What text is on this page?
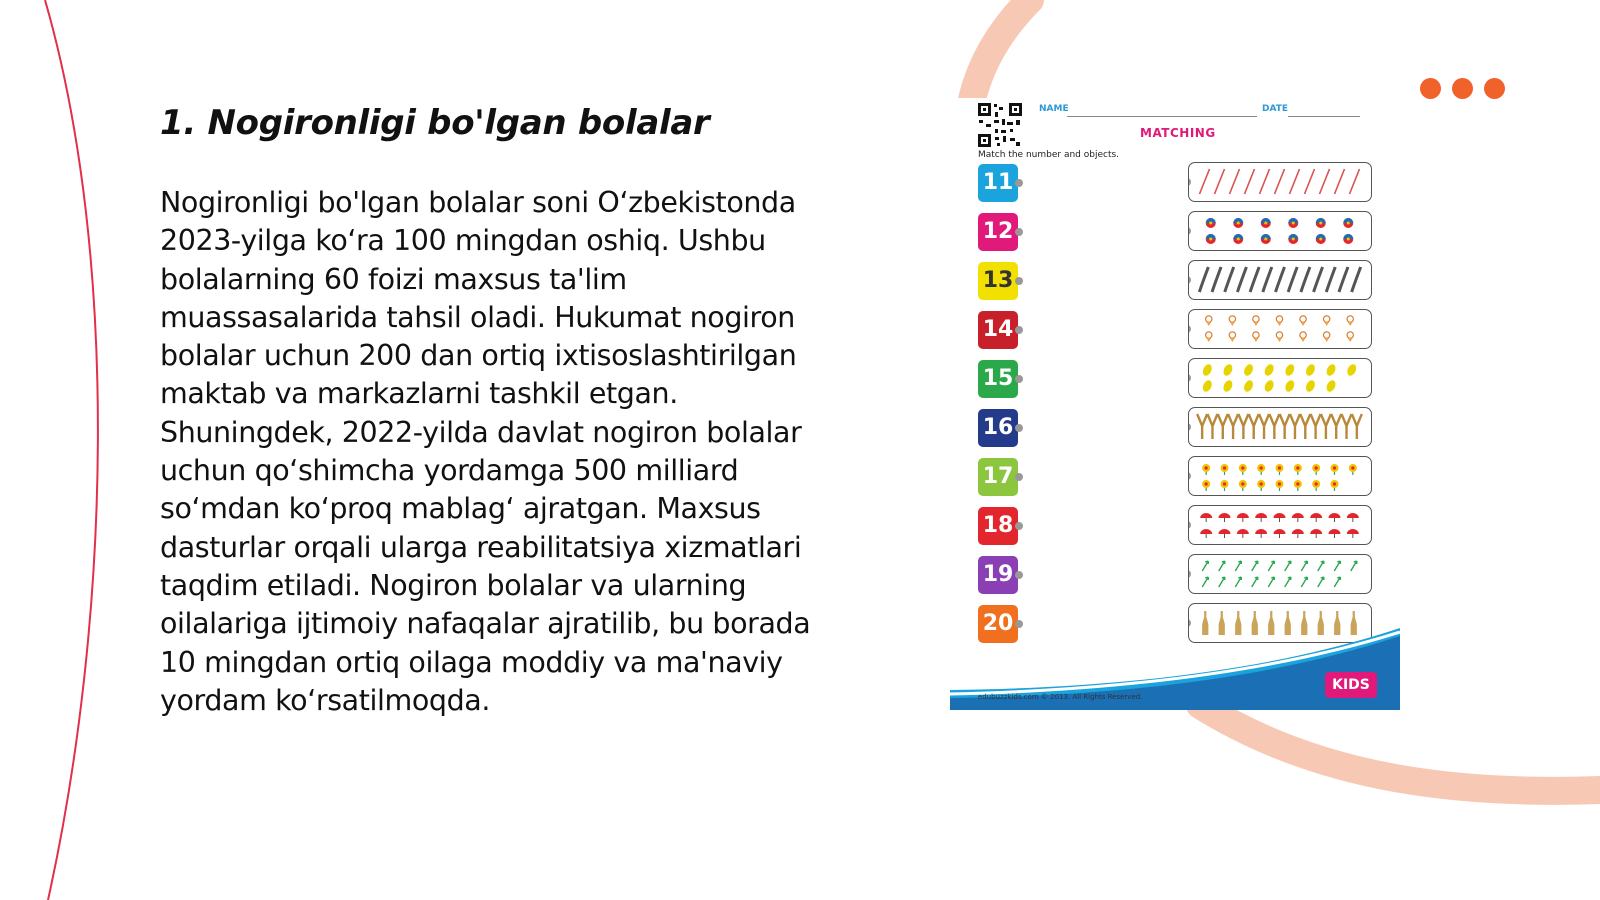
1. Nogironligi bo'lgan bolalar

Nogironligi bo'lgan bolalar soni O‘zbekistonda 2023-yilga ko‘ra 100 mingdan oshiq. Ushbu bolalarning 60 foizi maxsus ta'lim muassasalarida tahsil oladi. Hukumat nogiron bolalar uchun 200 dan ortiq ixtisoslashtirilgan maktab va markazlarni tashkil etgan. Shuningdek, 2022-yilda davlat nogiron bolalar uchun qo‘shimcha yordamga 500 milliard so‘mdan ko‘proq mablag‘ ajratgan. Maxsus dasturlar orqali ularga reabilitatsiya xizmatlari taqdim etiladi. Nogiron bolalar va ularning oilalariga ijtimoiy nafaqalar ajratilib, bu borada 10 mingdan ortiq oilaga moddiy va ma'naviy yordam ko‘rsatilmoqda.

NAME	DATE
MATCHING
Match the number and objects.
11
12
13
14
15
16
17
18
19
20
edubuzzkids.com © 2013. All Rights Reserved.
KIDS
